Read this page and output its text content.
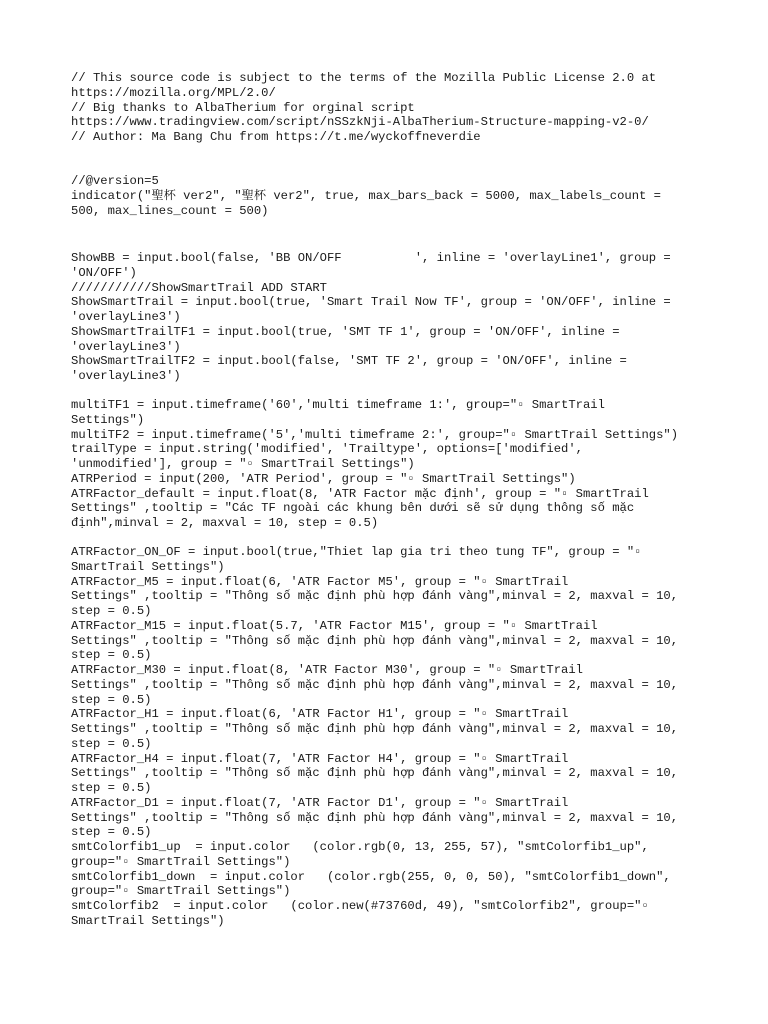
// This source code is subject to the terms of the Mozilla Public License 2.0 at
https://mozilla.org/MPL/2.0/
// Big thanks to AlbaTherium for orginal script
https://www.tradingview.com/script/nSSzkNji-AlbaTherium-Structure-mapping-v2-0/
// Author: Ma Bang Chu from https://t.me/wyckoffneverdie
//@version=5
indicator("聖杯 ver2", "聖杯 ver2", true, max_bars_back = 5000, max_labels_count =
500, max_lines_count = 500)
ShowBB = input.bool(false, 'BB ON/OFF          ', inline = 'overlayLine1', group =
'ON/OFF')
///////////ShowSmartTrail ADD START
ShowSmartTrail = input.bool(true, 'Smart Trail Now TF', group = 'ON/OFF', inline =
'overlayLine3')
ShowSmartTrailTF1 = input.bool(true, 'SMT TF 1', group = 'ON/OFF', inline =
'overlayLine3')
ShowSmartTrailTF2 = input.bool(false, 'SMT TF 2', group = 'ON/OFF', inline =
'overlayLine3')
multiTF1 = input.timeframe('60','multi timeframe 1:', group="▫ SmartTrail
Settings")
multiTF2 = input.timeframe('5','multi timeframe 2:', group="▫ SmartTrail Settings")
trailType = input.string('modified', 'Trailtype', options=['modified',
'unmodified'], group = "▫ SmartTrail Settings")
ATRPeriod = input(200, 'ATR Period', group = "▫ SmartTrail Settings")
ATRFactor_default = input.float(8, 'ATR Factor mặc định', group = "▫ SmartTrail
Settings" ,tooltip = "Các TF ngoài các khung bên dưới sẽ sử dụng thông số mặc
định",minval = 2, maxval = 10, step = 0.5)
ATRFactor_ON_OF = input.bool(true,"Thiet lap gia tri theo tung TF", group = "▫
SmartTrail Settings")
ATRFactor_M5 = input.float(6, 'ATR Factor M5', group = "▫ SmartTrail
Settings" ,tooltip = "Thông số mặc định phù hợp đánh vàng",minval = 2, maxval = 10,
step = 0.5)
ATRFactor_M15 = input.float(5.7, 'ATR Factor M15', group = "▫ SmartTrail
Settings" ,tooltip = "Thông số mặc định phù hợp đánh vàng",minval = 2, maxval = 10,
step = 0.5)
ATRFactor_M30 = input.float(8, 'ATR Factor M30', group = "▫ SmartTrail
Settings" ,tooltip = "Thông số mặc định phù hợp đánh vàng",minval = 2, maxval = 10,
step = 0.5)
ATRFactor_H1 = input.float(6, 'ATR Factor H1', group = "▫ SmartTrail
Settings" ,tooltip = "Thông số mặc định phù hợp đánh vàng",minval = 2, maxval = 10,
step = 0.5)
ATRFactor_H4 = input.float(7, 'ATR Factor H4', group = "▫ SmartTrail
Settings" ,tooltip = "Thông số mặc định phù hợp đánh vàng",minval = 2, maxval = 10,
step = 0.5)
ATRFactor_D1 = input.float(7, 'ATR Factor D1', group = "▫ SmartTrail
Settings" ,tooltip = "Thông số mặc định phù hợp đánh vàng",minval = 2, maxval = 10,
step = 0.5)
smtColorfib1_up  = input.color   (color.rgb(0, 13, 255, 57), "smtColorfib1_up",
group="▫ SmartTrail Settings")
smtColorfib1_down  = input.color   (color.rgb(255, 0, 0, 50), "smtColorfib1_down",
group="▫ SmartTrail Settings")
smtColorfib2  = input.color   (color.new(#73760d, 49), "smtColorfib2", group="▫
SmartTrail Settings")
